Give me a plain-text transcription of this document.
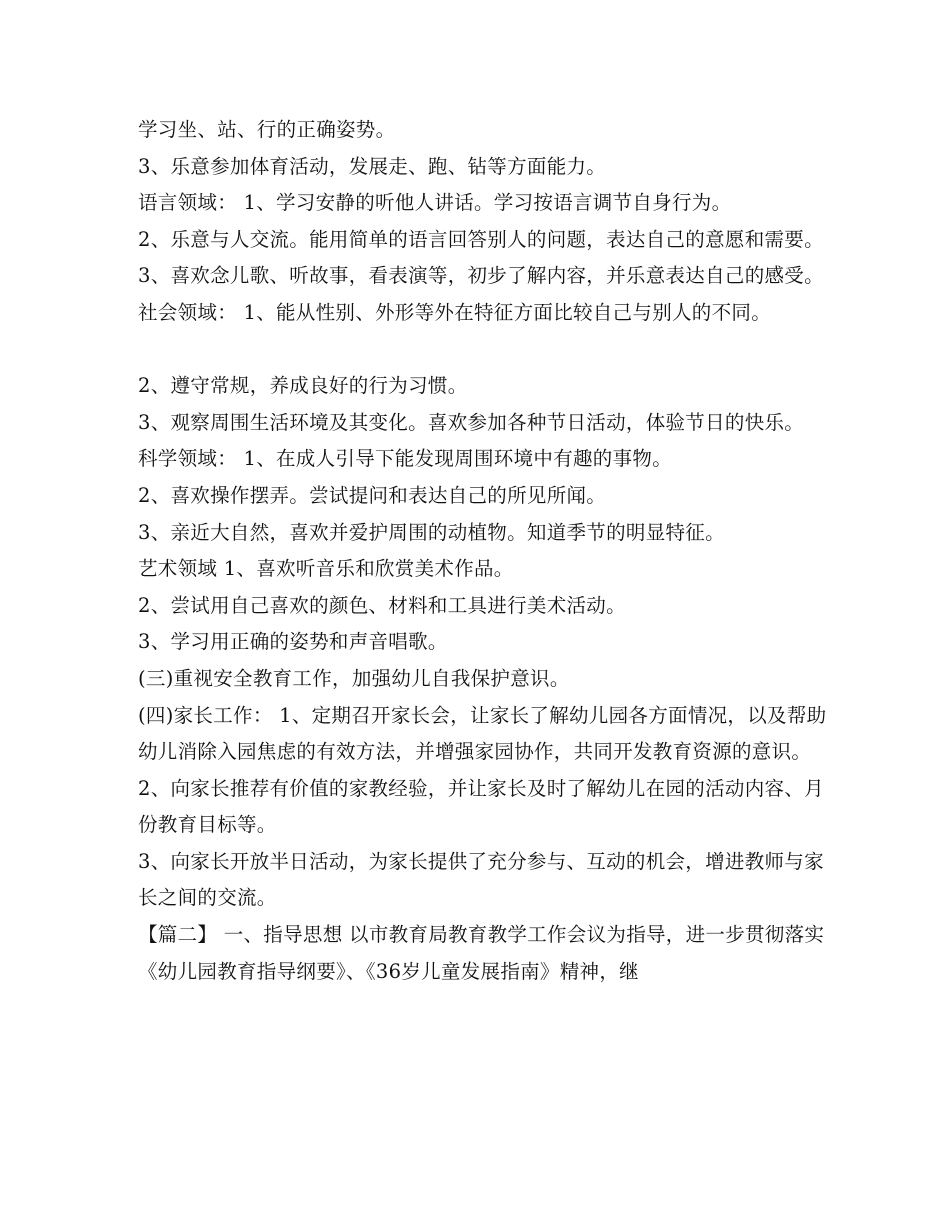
学习坐、站、行的正确姿势。

3、乐意参加体育活动，发展走、跑、钻等方面能力。

语言领域： 1、学习安静的听他人讲话。学习按语言调节自身行为。

2、乐意与人交流。能用简单的语言回答别人的问题，表达自己的意愿和需要。

3、喜欢念儿歌、听故事，看表演等，初步了解内容，并乐意表达自己的感受。

社会领域： 1、能从性别、外形等外在特征方面比较自己与别人的不同。

2、遵守常规，养成良好的行为习惯。

3、观察周围生活环境及其变化。喜欢参加各种节日活动，体验节日的快乐。

科学领域： 1、在成人引导下能发现周围环境中有趣的事物。

2、喜欢操作摆弄。尝试提问和表达自己的所见所闻。

3、亲近大自然，喜欢并爱护周围的动植物。知道季节的明显特征。

艺术领域 1、喜欢听音乐和欣赏美术作品。

2、尝试用自己喜欢的颜色、材料和工具进行美术活动。

3、学习用正确的姿势和声音唱歌。

(三)重视安全教育工作，加强幼儿自我保护意识。

(四)家长工作： 1、定期召开家长会，让家长了解幼儿园各方面情况，以及帮助幼儿消除入园焦虑的有效方法，并增强家园协作，共同开发教育资源的意识。

2、向家长推荐有价值的家教经验，并让家长及时了解幼儿在园的活动内容、月份教育目标等。

3、向家长开放半日活动，为家长提供了充分参与、互动的机会，增进教师与家长之间的交流。

【篇二】 一、指导思想 以市教育局教育教学工作会议为指导，进一步贯彻落实《幼儿园教育指导纲要》、《36岁儿童发展指南》精神，继
